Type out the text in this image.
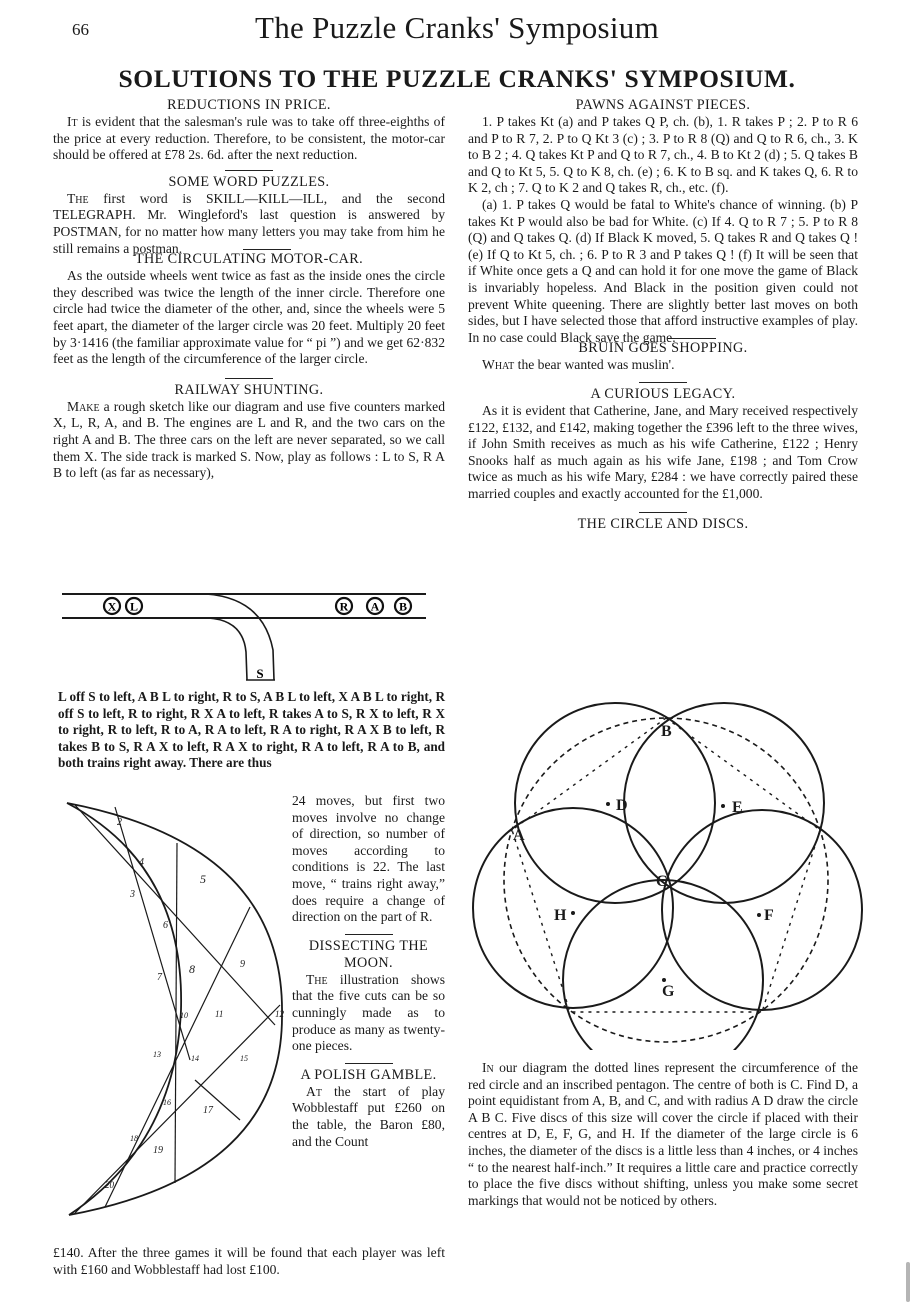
66	The Puzzle Cranks' Symposium
SOLUTIONS TO THE PUZZLE CRANKS' SYMPOSIUM.
REDUCTIONS IN PRICE.

It is evident that the salesman's rule was to take off three-eighths of the price at every reduction. Therefore, to be consistent, the motor-car should be offered at £78 2s. 6d. after the next reduction.

SOME WORD PUZZLES.

The first word is SKILL—KILL—ILL, and the second TELEGRAPH. Mr. Wingleford's last question is answered by POSTMAN, for no matter how many letters you may take from him he still remains a postman.

THE CIRCULATING MOTOR-CAR.

As the outside wheels went twice as fast as the inside ones the circle they described was twice the length of the inner circle. Therefore one circle had twice the diameter of the other, and, since the wheels were 5 feet apart, the diameter of the larger circle was 20 feet. Multiply 20 feet by 3·1416 (the familiar approximate value for “ pi ”) and we get 62·832 feet as the length of the circumference of the larger circle.

RAILWAY SHUNTING.

Make a rough sketch like our diagram and use five counters marked X, L, R, A, and B. The engines are L and R, and the two cars on the right A and B. The three cars on the left are never separated, so we call them X. The side track is marked S. Now, play as follows : L to S, R A B to left (as far as necessary),

X L	R A B
S

L off S to left, A B L to right, R to S, A B L to left, X A B L to right, R off S to left, R to right, R X A to left, R takes A to S, R X to left, R X to right, R to left, R to A, R A to left, R A to right, R A X B to left, R takes B to S, R A X to left, R A X to right, R A to left, R A to B, and both trains right away. There are thus

2
4
3
5
6
7
8	9
10	11	12
13	14	15
16
17
18
19
20

24 moves, but first two moves involve no change of direction, so number of moves according to conditions is 22. The last move, “ trains right away,” does require a change of direction on the part of R.

DISSECTING THE MOON.

The illustration shows that the five cuts can be so cunningly made as to produce as many as twenty-one pieces.

A POLISH GAMBLE.

At the start of play Wobblestaff put £260 on the table, the Baron £80, and the Count

£140. After the three games it will be found that each player was left with £160 and Wobblestaff had lost £100.

PAWNS AGAINST PIECES.

1. P takes Kt (a) and P takes Q P, ch. (b), 1. R takes P ; 2. P to R 6 and P to R 7, 2. P to Q Kt 3 (c) ; 3. P to R 8 (Q) and Q to R 6, ch., 3. K to B 2 ; 4. Q takes Kt P and Q to R 7, ch., 4. B to Kt 2 (d) ; 5. Q takes B and Q to Kt 5, 5. Q to K 8, ch. (e) ; 6. K to B sq. and K takes Q, 6. R to K 2, ch ; 7. Q to K 2 and Q takes R, ch., etc. (f).

(a) 1. P takes Q would be fatal to White's chance of winning. (b) P takes Kt P would also be bad for White. (c) If 4. Q to R 7 ; 5. P to R 8 (Q) and Q takes Q. (d) If Black K moved, 5. Q takes R and Q takes Q ! (e) If Q to Kt 5, ch. ; 6. P to R 3 and P takes Q ! (f) It will be seen that if White once gets a Q and can hold it for one move the game of Black is invariably hopeless. And Black in the position given could not prevent White queening. There are slightly better last moves on both sides, but I have selected those that afford instructive examples of play. In no case could Black save the game.

BRUIN GOES SHOPPING.

What the bear wanted was muslin'.

A CURIOUS LEGACY.

As it is evident that Catherine, Jane, and Mary received respectively £122, £132, and £142, making together the £396 left to the three wives, if John Smith receives as much as his wife Catherine, £122 ; Henry Snooks half as much again as his wife Jane, £198 ; and Tom Crow twice as much as his wife Mary, £284 : we have correctly paired these married couples and exactly accounted for the £1,000.

THE CIRCLE AND DISCS.
A
B
C
D	E
F
G
H

In our diagram the dotted lines represent the circumference of the red circle and an inscribed pentagon. The centre of both is C. Find D, a point equidistant from A, B, and C, and with radius A D draw the circle A B C. Five discs of this size will cover the circle if placed with their centres at D, E, F, G, and H. If the diameter of the large circle is 6 inches, the diameter of the discs is a little less than 4 inches, or 4 inches “ to the nearest half-inch.” It requires a little care and practice correctly to place the five discs without shifting, unless you make some secret markings that would not be noticed by others.
